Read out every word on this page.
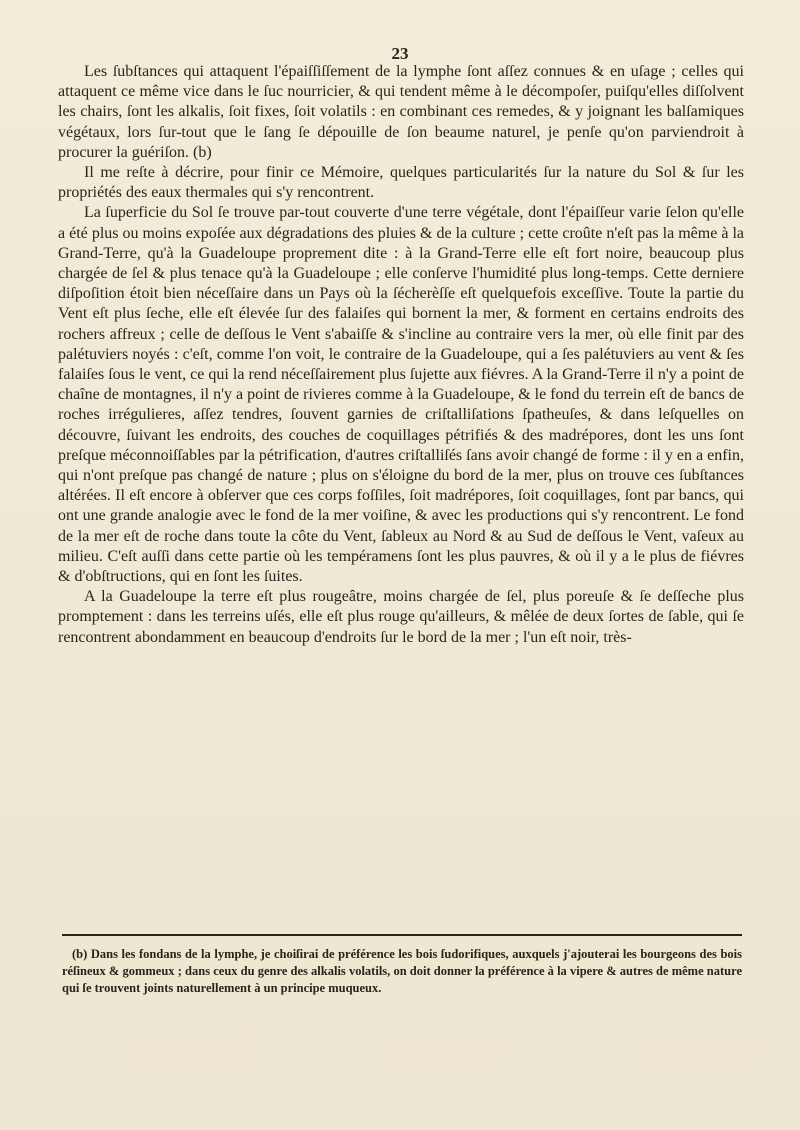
23

Les ſubſtances qui attaquent l'épaiſſiſſement de la lymphe ſont aſſez connues & en uſage ; celles qui attaquent ce même vice dans le ſuc nourricier, & qui tendent même à le décompoſer, puiſqu'elles diſſolvent les chairs, ſont les alkalis, ſoit fixes, ſoit volatils : en combinant ces remedes, & y joignant les balſamiques végétaux, lors ſur-tout que le ſang ſe dépouille de ſon beaume naturel, je penſe qu'on parviendroit à procurer la guériſon. (b)

Il me reſte à décrire, pour finir ce Mémoire, quelques particularités ſur la nature du Sol & ſur les propriétés des eaux thermales qui s'y rencontrent.

La ſuperficie du Sol ſe trouve par-tout couverte d'une terre végétale, dont l'épaiſſeur varie ſelon qu'elle a été plus ou moins expoſée aux dégradations des pluies & de la culture ; cette croûte n'eſt pas la même à la Grand-Terre, qu'à la Guadeloupe proprement dite : à la Grand-Terre elle eſt fort noire, beaucoup plus chargée de ſel & plus tenace qu'à la Guadeloupe ; elle conſerve l'humidité plus long-temps. Cette derniere diſpoſition étoit bien néceſſaire dans un Pays où la ſécherèſſe eſt quelquefois exceſſive. Toute la partie du Vent eſt plus ſeche, elle eſt élevée ſur des falaiſes qui bornent la mer, & forment en certains endroits des rochers affreux ; celle de deſſous le Vent s'abaiſſe & s'incline au contraire vers la mer, où elle finit par des palétuviers noyés : c'eſt, comme l'on voit, le contraire de la Guadeloupe, qui a ſes palétuviers au vent & ſes falaiſes ſous le vent, ce qui la rend néceſſairement plus ſujette aux fiévres. A la Grand-Terre il n'y a point de chaîne de montagnes, il n'y a point de rivieres comme à la Guadeloupe, & le fond du terrein eſt de bancs de roches irrégulieres, aſſez tendres, ſouvent garnies de criſtalliſations ſpatheuſes, & dans leſquelles on découvre, ſuivant les endroits, des couches de coquillages pétrifiés & des madrépores, dont les uns ſont preſque méconnoiſſables par la pétrification, d'autres criſtalliſés ſans avoir changé de forme : il y en a enfin, qui n'ont preſque pas changé de nature ; plus on s'éloigne du bord de la mer, plus on trouve ces ſubſtances altérées. Il eſt encore à obſerver que ces corps foſſiles, ſoit madrépores, ſoit coquillages, ſont par bancs, qui ont une grande analogie avec le fond de la mer voiſine, & avec les productions qui s'y rencontrent. Le fond de la mer eſt de roche dans toute la côte du Vent, ſableux au Nord & au Sud de deſſous le Vent, vaſeux au milieu. C'eſt auſſi dans cette partie où les tempéramens ſont les plus pauvres, & où il y a le plus de fiévres & d'obſtructions, qui en ſont les ſuites.

A la Guadeloupe la terre eſt plus rougeâtre, moins chargée de ſel, plus poreuſe & ſe deſſeche plus promptement : dans les terreins uſés, elle eſt plus rouge qu'ailleurs, & mêlée de deux ſortes de ſable, qui ſe rencontrent abondamment en beaucoup d'endroits ſur le bord de la mer ; l'un eſt noir, très-

(b) Dans les fondans de la lymphe, je choiſirai de préférence les bois ſudorifiques, auxquels j'ajouterai les bourgeons des bois réſineux & gommeux ; dans ceux du genre des alkalis volatils, on doit donner la préférence à la vipere & autres de même nature qui ſe trouvent joints naturellement à un principe muqueux.
